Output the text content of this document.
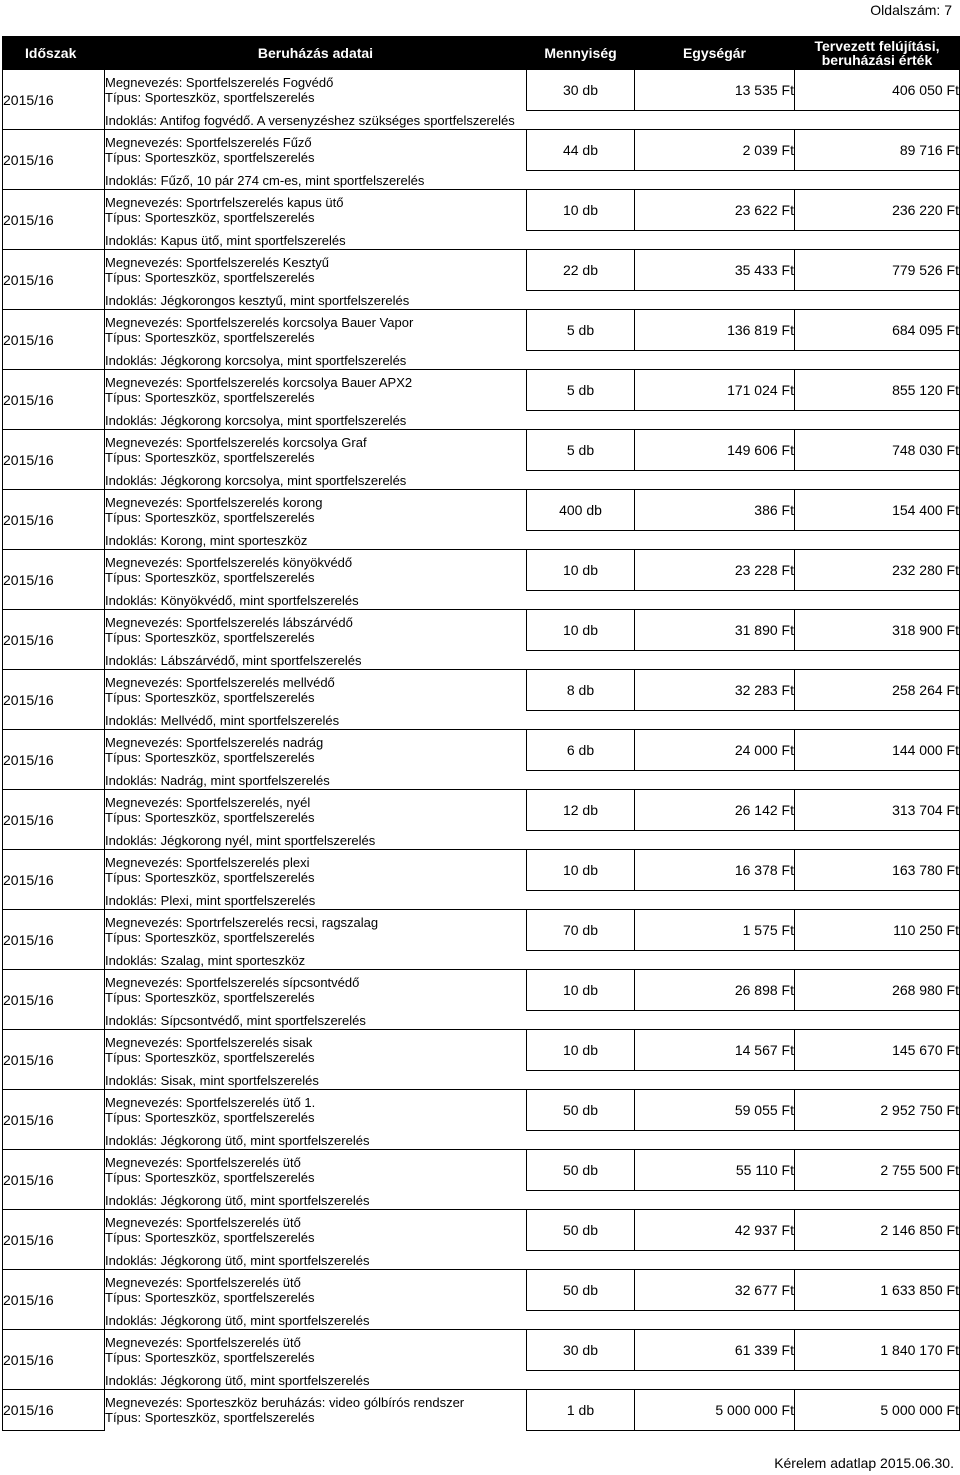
Oldalszám: 7
Időszak	Beruházás adatai	Mennyiség	Egységár	Tervezett felújítási,
beruházási érték
2015/16	Megnevezés: Sportfelszerelés Fogvédő
Típus: Sporteszköz, sportfelszerelés	30 db	13 535 Ft	406 050 Ft
	Indoklás: Antifog fogvédő. A versenyzéshez szükséges sportfelszerelés			
2015/16	Megnevezés: Sportfelszerelés Fűző
Típus: Sporteszköz, sportfelszerelés	44 db	2 039 Ft	89 716 Ft
	Indoklás: Fűző, 10 pár 274 cm-es, mint sportfelszerelés			
2015/16	Megnevezés: Sportrfelszerelés kapus ütő
Típus: Sporteszköz, sportfelszerelés	10 db	23 622 Ft	236 220 Ft
	Indoklás: Kapus ütő, mint sportfelszerelés			
2015/16	Megnevezés: Sportfelszerelés Kesztyű
Típus: Sporteszköz, sportfelszerelés	22 db	35 433 Ft	779 526 Ft
	Indoklás: Jégkorongos kesztyű, mint sportfelszerelés			
2015/16	Megnevezés: Sportfelszerelés korcsolya Bauer Vapor
Típus: Sporteszköz, sportfelszerelés	5 db	136 819 Ft	684 095 Ft
	Indoklás: Jégkorong korcsolya, mint sportfelszerelés			
2015/16	Megnevezés: Sportfelszerelés korcsolya Bauer APX2
Típus: Sporteszköz, sportfelszerelés	5 db	171 024 Ft	855 120 Ft
	Indoklás: Jégkorong korcsolya, mint sportfelszerelés			
2015/16	Megnevezés: Sportfelszerelés korcsolya Graf
Típus: Sporteszköz, sportfelszerelés	5 db	149 606 Ft	748 030 Ft
	Indoklás: Jégkorong korcsolya, mint sportfelszerelés			
2015/16	Megnevezés: Sportfelszerelés korong
Típus: Sporteszköz, sportfelszerelés	400 db	386 Ft	154 400 Ft
	Indoklás: Korong, mint sporteszköz			
2015/16	Megnevezés: Sportfelszerelés könyökvédő
Típus: Sporteszköz, sportfelszerelés	10 db	23 228 Ft	232 280 Ft
	Indoklás: Könyökvédő, mint sportfelszerelés			
2015/16	Megnevezés: Sportfelszerelés lábszárvédő
Típus: Sporteszköz, sportfelszerelés	10 db	31 890 Ft	318 900 Ft
	Indoklás: Lábszárvédő, mint sportfelszerelés			
2015/16	Megnevezés: Sportfelszerelés mellvédő
Típus: Sporteszköz, sportfelszerelés	8 db	32 283 Ft	258 264 Ft
	Indoklás: Mellvédő, mint sportfelszerelés			
2015/16	Megnevezés: Sportfelszerelés nadrág
Típus: Sporteszköz, sportfelszerelés	6 db	24 000 Ft	144 000 Ft
	Indoklás: Nadrág, mint sportfelszerelés			
2015/16	Megnevezés: Sportfelszerelés, nyél
Típus: Sporteszköz, sportfelszerelés	12 db	26 142 Ft	313 704 Ft
	Indoklás: Jégkorong nyél, mint sportfelszerelés			
2015/16	Megnevezés: Sportfelszerelés plexi
Típus: Sporteszköz, sportfelszerelés	10 db	16 378 Ft	163 780 Ft
	Indoklás: Plexi, mint sportfelszerelés			
2015/16	Megnevezés: Sportrfelszerelés recsi, ragszalag
Típus: Sporteszköz, sportfelszerelés	70 db	1 575 Ft	110 250 Ft
	Indoklás: Szalag, mint sporteszköz			
2015/16	Megnevezés: Sportfelszerelés sípcsontvédő
Típus: Sporteszköz, sportfelszerelés	10 db	26 898 Ft	268 980 Ft
	Indoklás: Sípcsontvédő, mint sportfelszerelés			
2015/16	Megnevezés: Sportfelszerelés sisak
Típus: Sporteszköz, sportfelszerelés	10 db	14 567 Ft	145 670 Ft
	Indoklás: Sisak, mint sportfelszerelés			
2015/16	Megnevezés: Sportfelszerelés ütő 1.
Típus: Sporteszköz, sportfelszerelés	50 db	59 055 Ft	2 952 750 Ft
	Indoklás: Jégkorong ütő, mint sportfelszerelés			
2015/16	Megnevezés: Sportfelszerelés ütő
Típus: Sporteszköz, sportfelszerelés	50 db	55 110 Ft	2 755 500 Ft
	Indoklás: Jégkorong ütő, mint sportfelszerelés			
2015/16	Megnevezés: Sportfelszerelés ütő
Típus: Sporteszköz, sportfelszerelés	50 db	42 937 Ft	2 146 850 Ft
	Indoklás: Jégkorong ütő, mint sportfelszerelés			
2015/16	Megnevezés: Sportfelszerelés ütő
Típus: Sporteszköz, sportfelszerelés	50 db	32 677 Ft	1 633 850 Ft
	Indoklás: Jégkorong ütő, mint sportfelszerelés			
2015/16	Megnevezés: Sportfelszerelés ütő
Típus: Sporteszköz, sportfelszerelés	30 db	61 339 Ft	1 840 170 Ft
	Indoklás: Jégkorong ütő, mint sportfelszerelés			
2015/16	Megnevezés: Sporteszköz beruházás: video gólbírós rendszer
Típus: Sporteszköz, sportfelszerelés	1 db	5 000 000 Ft	5 000 000 Ft
Kérelem adatlap 2015.06.30.
